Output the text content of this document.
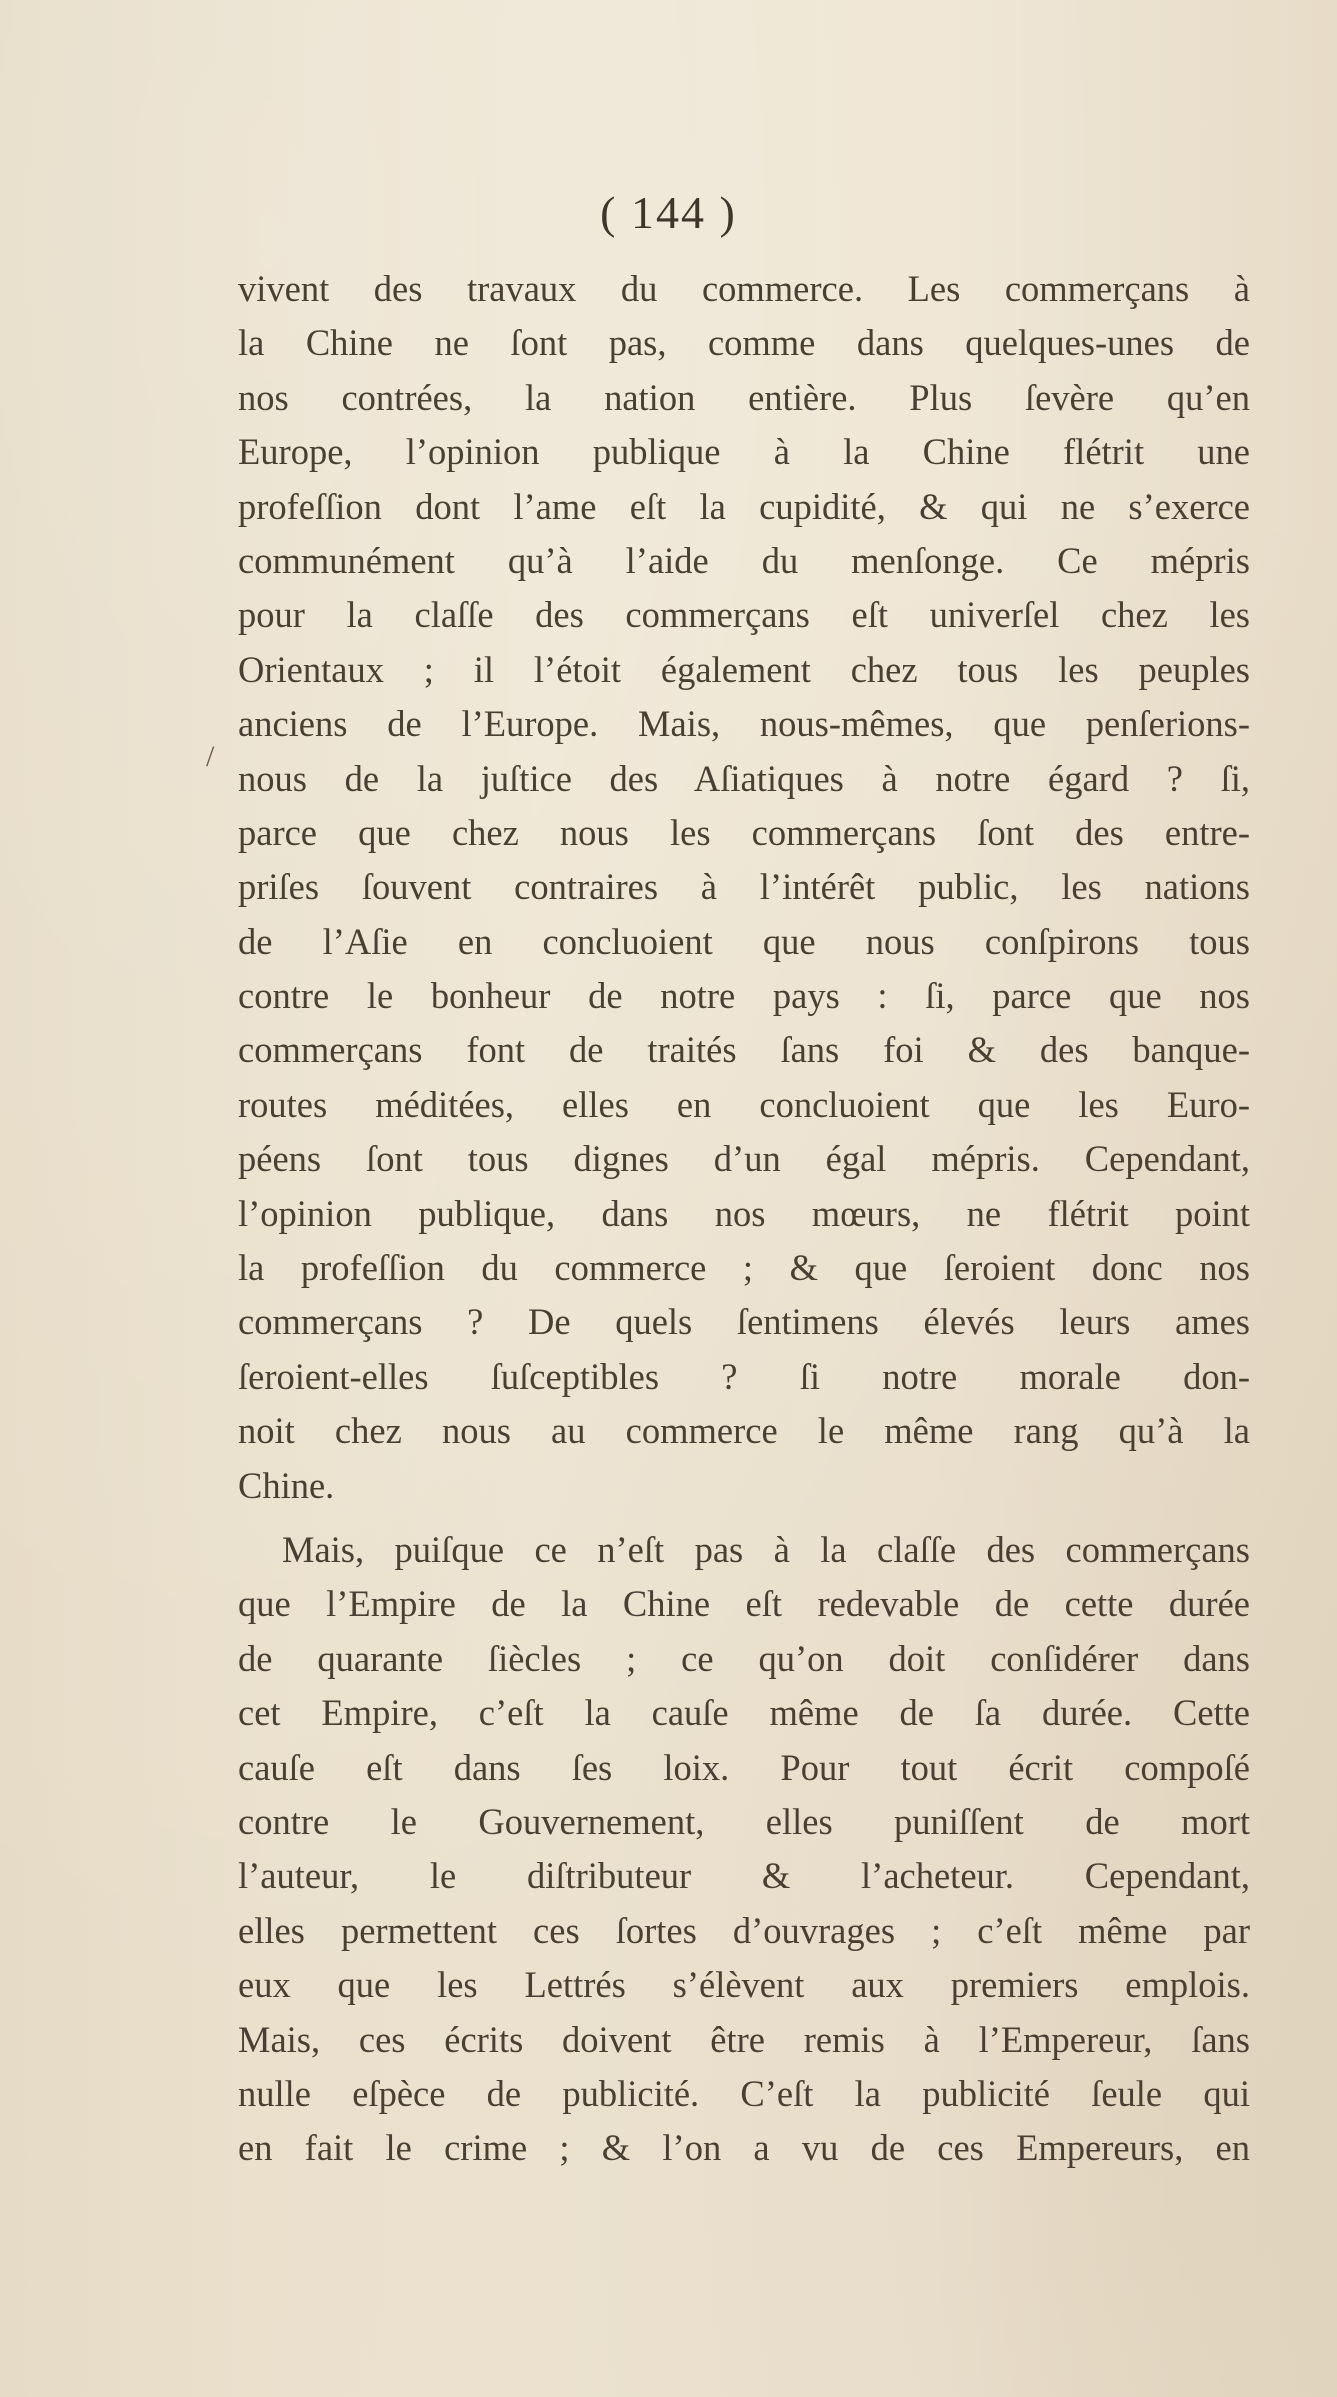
( 144 )
vivent des travaux du commerce. Les commerçans à
la Chine ne ſont pas, comme dans quelques-unes de
nos contrées, la nation entière. Plus ſevère qu’en
Europe, l’opinion publique à la Chine flétrit une
profeſſion dont l’ame eſt la cupidité, & qui ne s’exerce
communément qu’à l’aide du menſonge. Ce mépris
pour la claſſe des commerçans eſt univerſel chez les
Orientaux ; il l’étoit également chez tous les peuples
anciens de l’Europe. Mais, nous-mêmes, que penſerions-
nous de la juſtice des Aſiatiques à notre égard ? ſi,
parce que chez nous les commerçans ſont des entre-
priſes ſouvent contraires à l’intérêt public, les nations
de l’Aſie en concluoient que nous conſpirons tous
contre le bonheur de notre pays : ſi, parce que nos
commerçans font de traités ſans foi & des banque-
routes méditées, elles en concluoient que les Euro-
péens ſont tous dignes d’un égal mépris. Cependant,
l’opinion publique, dans nos mœurs, ne flétrit point
la profeſſion du commerce ; & que ſeroient donc nos
commerçans ? De quels ſentimens élevés leurs ames
ſeroient-elles ſuſceptibles ? ſi notre morale don-
noit chez nous au commerce le même rang qu’à la
Chine.
Mais, puiſque ce n’eſt pas à la claſſe des commerçans
que l’Empire de la Chine eſt redevable de cette durée
de quarante ſiècles ; ce qu’on doit conſidérer dans
cet Empire, c’eſt la cauſe même de ſa durée. Cette
cauſe eſt dans ſes loix. Pour tout écrit compoſé
contre le Gouvernement, elles puniſſent de mort
l’auteur, le diſtributeur & l’acheteur. Cependant,
elles permettent ces ſortes d’ouvrages ; c’eſt même par
eux que les Lettrés s’élèvent aux premiers emplois.
Mais, ces écrits doivent être remis à l’Empereur, ſans
nulle eſpèce de publicité. C’eſt la publicité ſeule qui
en fait le crime ; & l’on a vu de ces Empereurs, en
/
